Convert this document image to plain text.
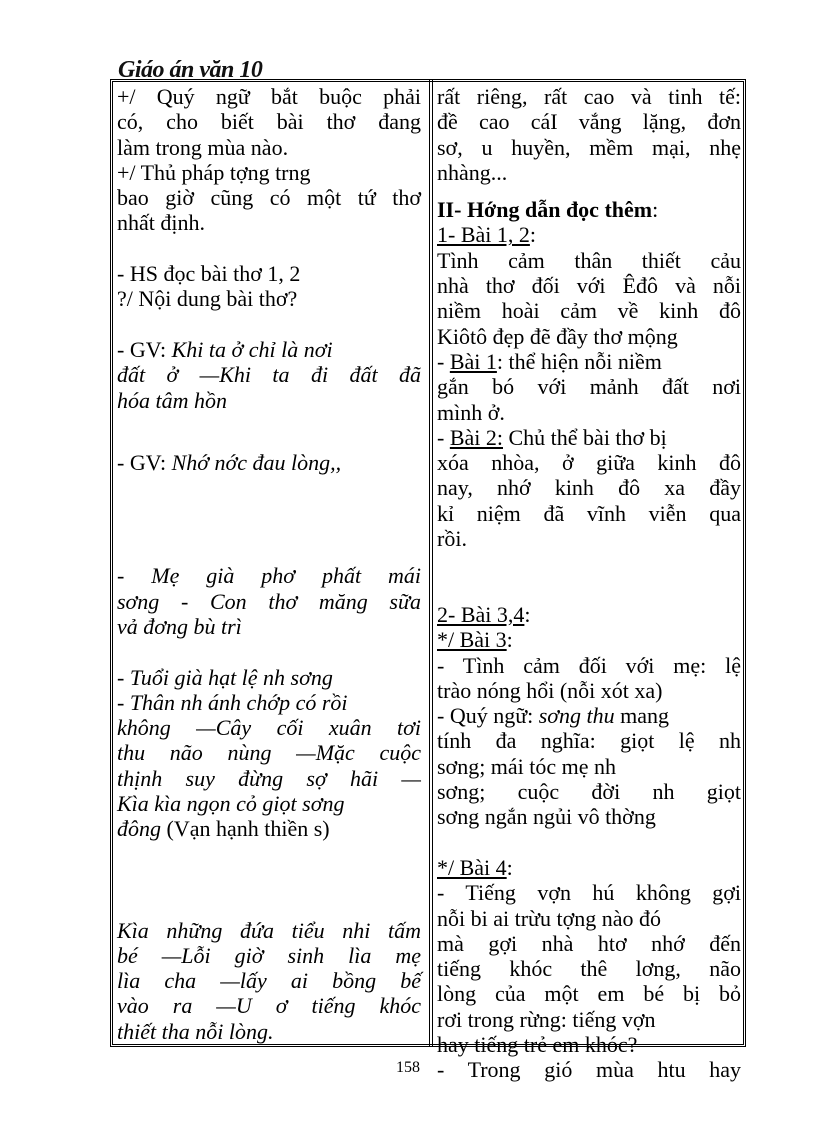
Giáo án văn 10
+/ Quý ngữ bắt buộc phải
có, cho biết bài thơ đang
làm trong mùa nào.
+/ Thủ pháp tợng trng
bao giờ cũng có một tứ thơ
nhất định.
- HS đọc bài thơ 1, 2
?/ Nội dung bài thơ?
- GV: Khi ta ở chỉ là nơi
đất ở —Khi ta đi đất đã
hóa tâm hồn
- GV: Nhớ nớc đau lòng,,
- Mẹ già phơ phất mái
sơng - Con thơ măng sữa
vả đơng bù trì
- Tuổi già hạt lệ nh sơng
- Thân nh ánh chớp có rồi
không —Cây cối xuân tơi
thu não nùng —Mặc cuộc
thịnh suy đừng sợ hãi —
Kìa kìa ngọn cỏ giọt sơng
đông (Vạn hạnh thiền s)
Kìa những đứa tiểu nhi tấm
bé —Lỗi giờ sinh lìa mẹ
lìa cha —lấy ai bồng bế
vào ra —U ơ tiếng khóc
thiết tha nỗi lòng.
rất riêng, rất cao và tinh tế:
đề cao cáI vắng lặng, đơn
sơ, u huyền, mềm mại, nhẹ
nhàng...
II- Hớng dẫn đọc thêm:
1- Bài 1, 2:
Tình cảm thân thiết cảu
nhà thơ đối với Êđô và nỗi
niềm hoài cảm về kinh đô
Kiôtô đẹp đẽ đầy thơ mộng
- Bài 1: thể hiện nỗi niềm
gắn bó với mảnh đất nơi
mình ở.
- Bài 2: Chủ thể bài thơ bị
xóa nhòa, ở giữa kinh đô
nay, nhớ kinh đô xa đầy
kỉ niệm đã vĩnh viễn qua
rồi.
2- Bài 3,4:
*/ Bài 3:
- Tình cảm đối với mẹ: lệ
trào nóng hổi (nỗi xót xa)
- Quý ngữ: sơng thu mang
tính đa nghĩa: giọt lệ nh
sơng; mái tóc mẹ nh
sơng; cuộc đời nh giọt
sơng ngắn ngủi vô thờng
*/ Bài 4:
- Tiếng vợn hú không gợi
nỗi bi ai trừu tợng nào đó
mà gợi nhà htơ nhớ đến
tiếng khóc thê lơng, não
lòng của một em bé bị bỏ
rơi trong rừng: tiếng vợn
hay tiếng trẻ em khóc?
- Trong gió mùa htu hay
158
